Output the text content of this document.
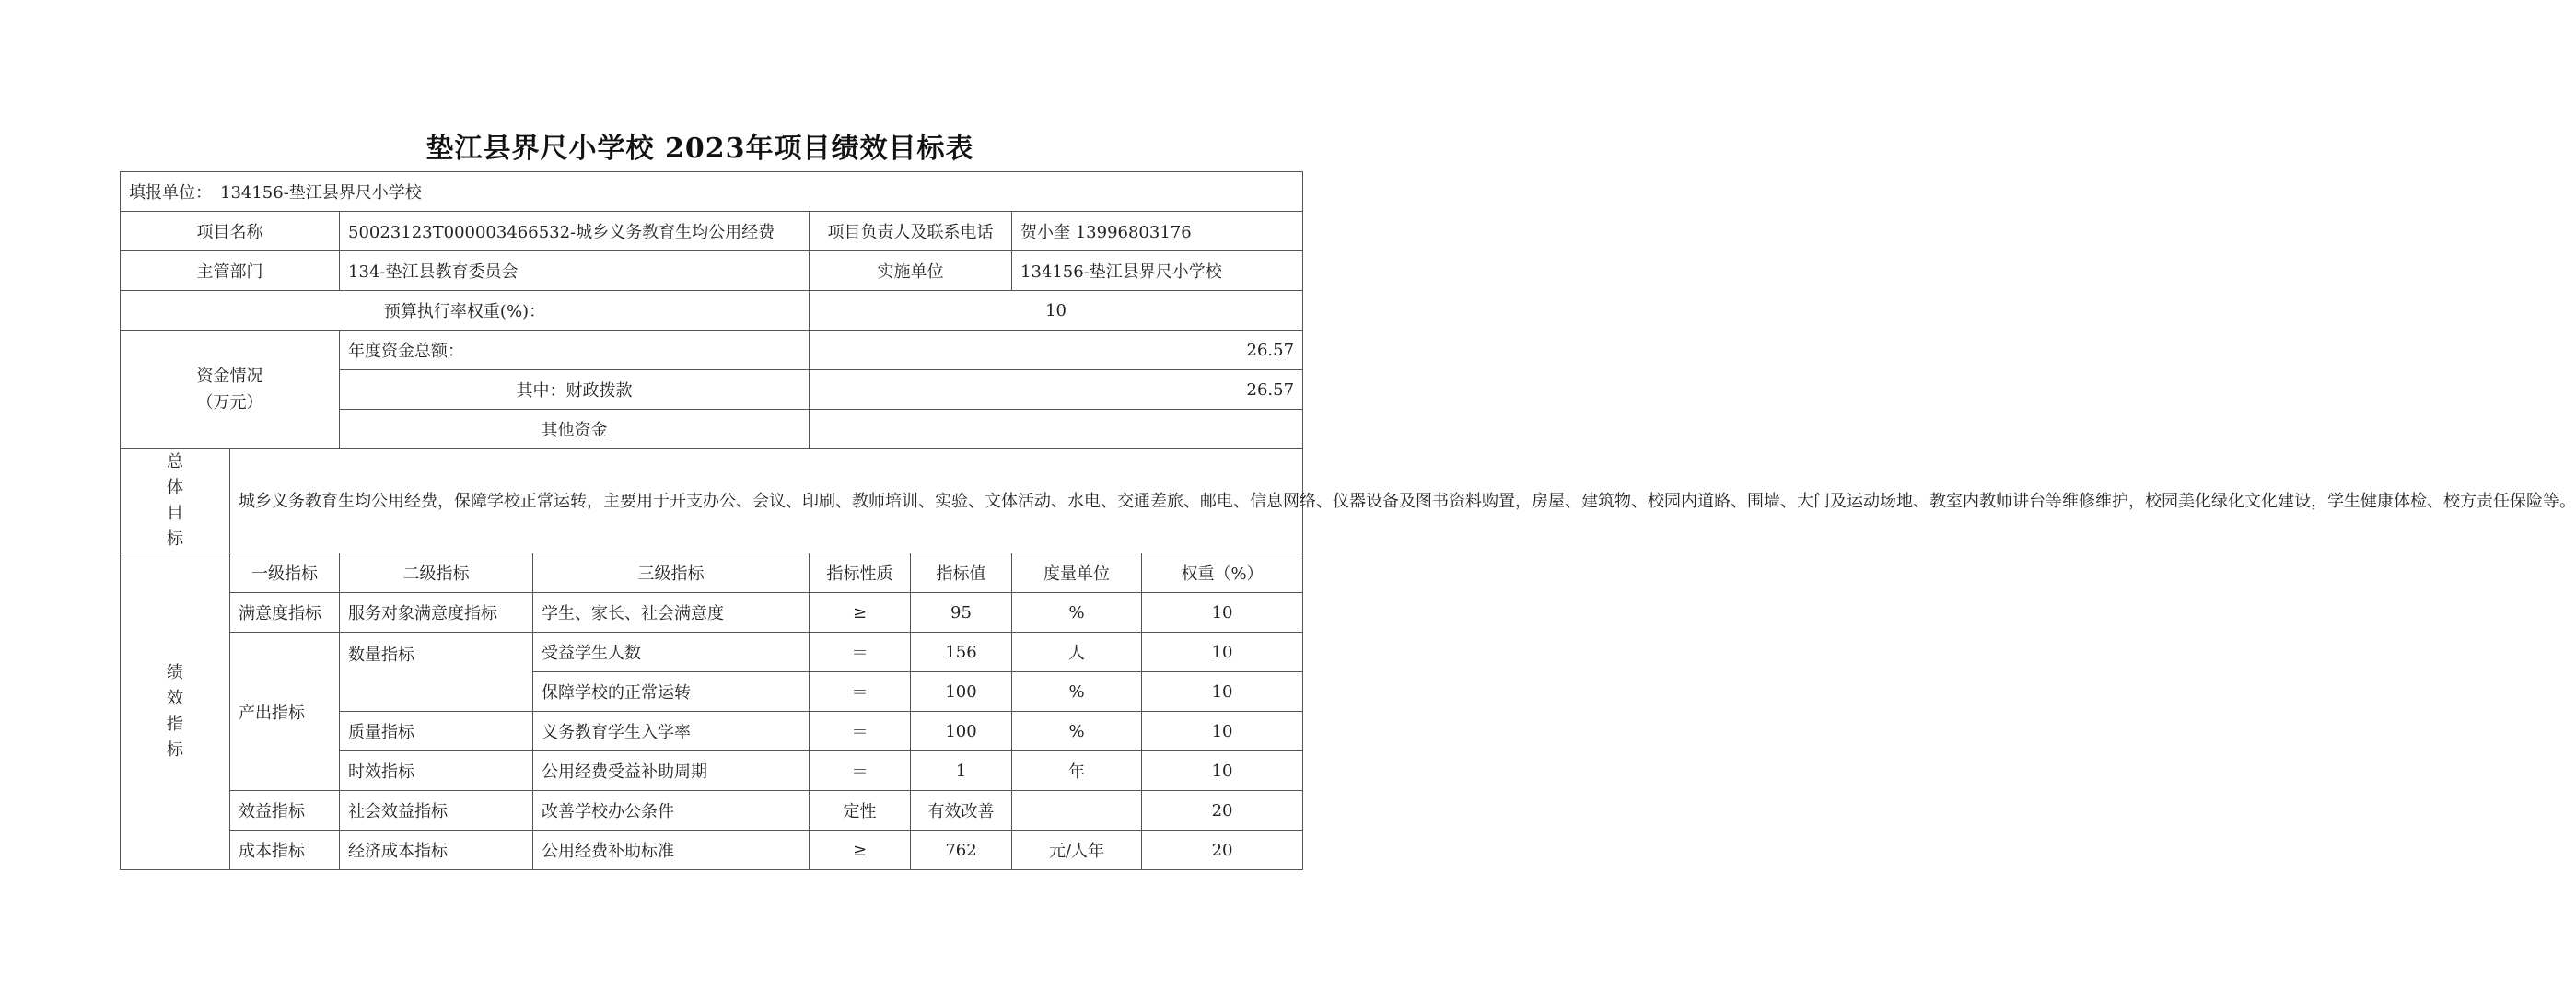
垫江县界尺小学校 2023年项目绩效目标表
填报单位：　134156-垫江县界尺小学校							
项目名称		50023123T000003466532-城乡义务教育生均公用经费		项目负责人及联系电话		贺小奎 13996803176	
主管部门		134-垫江县教育委员会		实施单位		134156-垫江县界尺小学校	
预算执行率权重(%)：				10			
资金情况
（万元）		年度资金总额：		26.57			
		其中：财政拨款		26.57			
		其他资金					

总
体
目
标	城乡义务教育生均公用经费，保障学校正常运转，主要用于开支办公、会议、印刷、教师培训、实验、文体活动、水电、交通差旅、邮电、信息网络、仪器设备及图书资料购置，房屋、建筑物、校园内道路、围墙、大门及运动场地、教室内教师讲台等维修维护，校园美化绿化文化建设，学生健康体检、校方责任保险等。						

绩
效
指
标	一级指标	二级指标	三级指标	指标性质	指标值	度量单位	权重（%）
	满意度指标	服务对象满意度指标	学生、家长、社会满意度	≥	95	%	10
	产出指标	数量指标	受益学生人数	＝	156	人	10
			保障学校的正常运转	＝	100	%	10
		质量指标	义务教育学生入学率	＝	100	%	10
		时效指标	公用经费受益补助周期	＝	1	年	10
	效益指标	社会效益指标	改善学校办公条件	定性	有效改善		20
	成本指标	经济成本指标	公用经费补助标准	≥	762	元/人年	20
